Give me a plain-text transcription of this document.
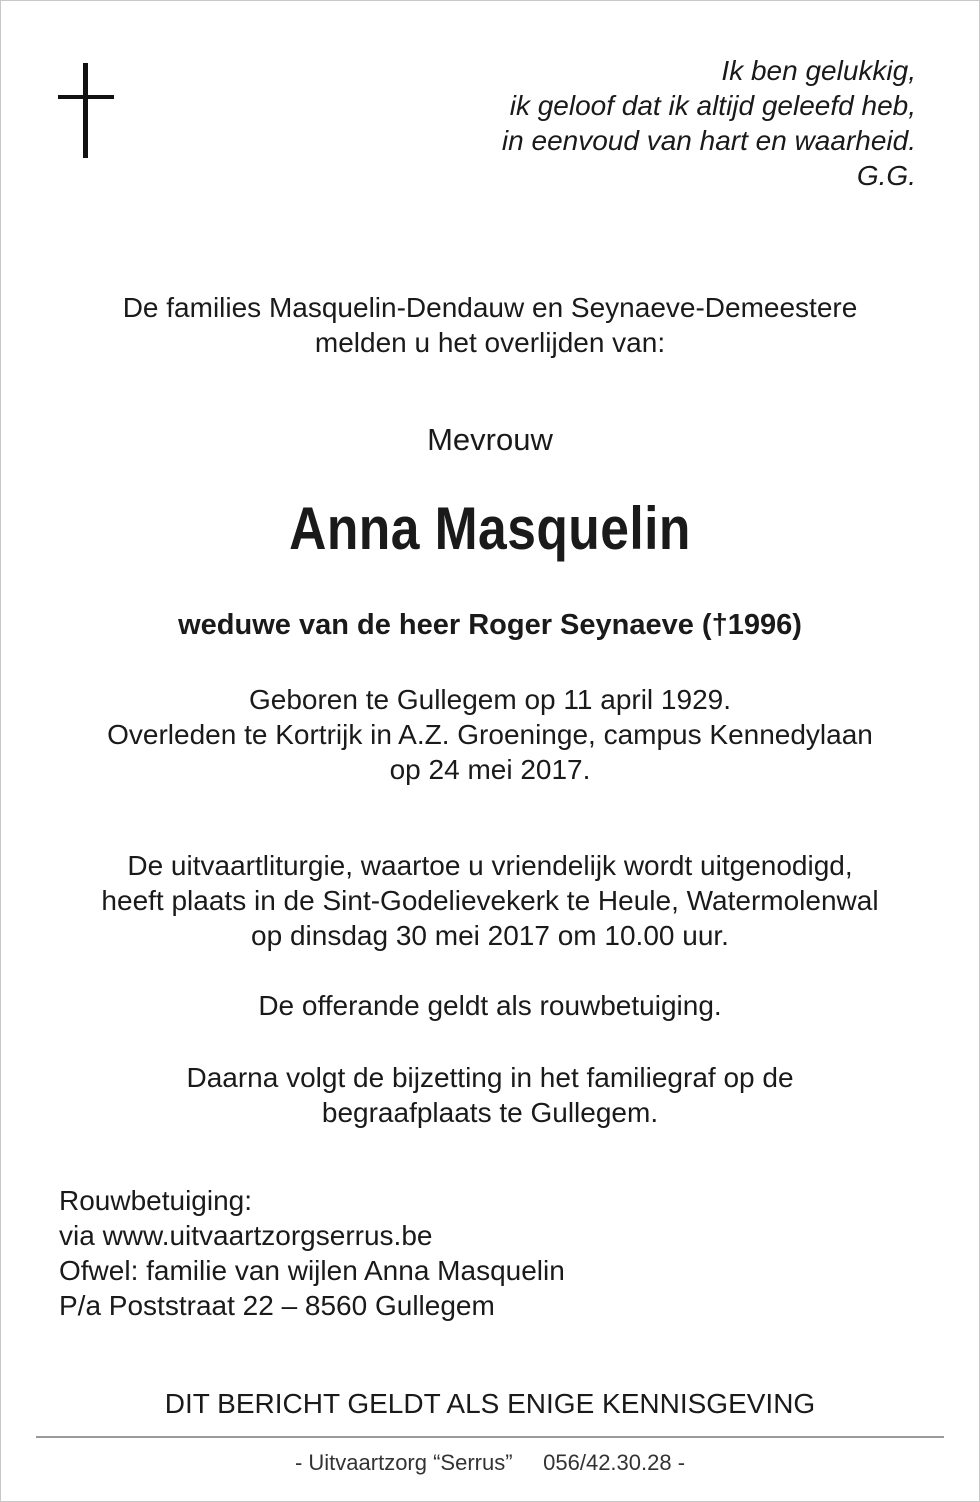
Ik ben gelukkig,
ik geloof dat ik altijd geleefd heb,
in eenvoud van hart en waarheid.
G.G.
De families Masquelin-Dendauw en Seynaeve-Demeestere
melden u het overlijden van:
Mevrouw
Anna Masquelin
weduwe van de heer Roger Seynaeve (†1996)
Geboren te Gullegem op 11 april 1929.
Overleden te Kortrijk in A.Z. Groeninge, campus Kennedylaan
op 24 mei 2017.
De uitvaartliturgie, waartoe u vriendelijk wordt uitgenodigd,
heeft plaats in de Sint-Godelievekerk te Heule, Watermolenwal
op dinsdag 30 mei 2017 om 10.00 uur.
De offerande geldt als rouwbetuiging.
Daarna volgt de bijzetting in het familiegraf op de
begraafplaats te Gullegem.
Rouwbetuiging:
via www.uitvaartzorgserrus.be
Ofwel: familie van wijlen Anna Masquelin
P/a Poststraat 22 – 8560 Gullegem
DIT BERICHT GELDT ALS ENIGE KENNISGEVING
- Uitvaartzorg “Serrus” 056/42.30.28 -
